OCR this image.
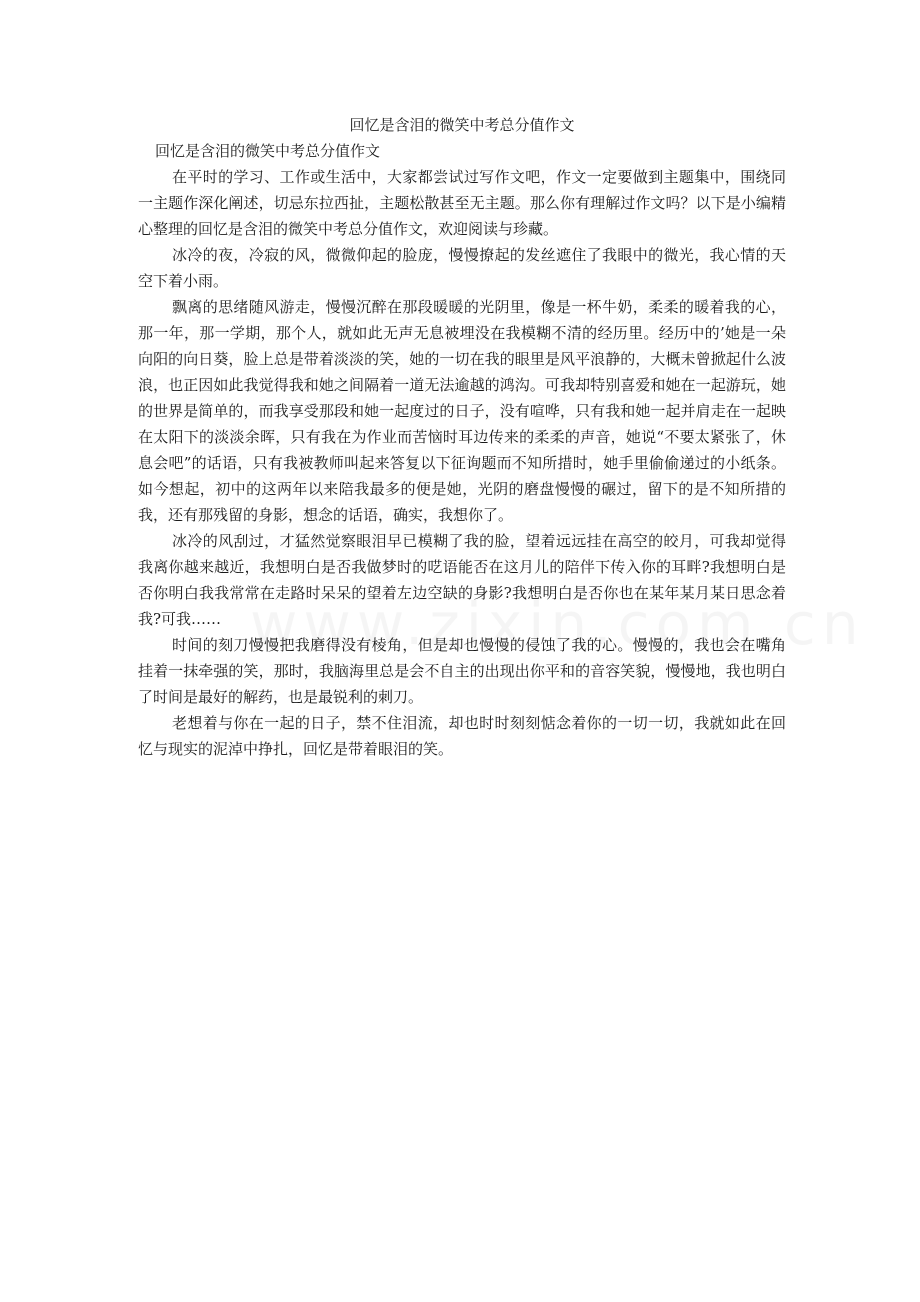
回忆是含泪的微笑中考总分值作文
回忆是含泪的微笑中考总分值作文

在平时的学习、工作或生活中，大家都尝试过写作文吧，作文一定要做到主题集中，围绕同一主题作深化阐述，切忌东拉西扯，主题松散甚至无主题。那么你有理解过作文吗？以下是小编精心整理的回忆是含泪的微笑中考总分值作文，欢迎阅读与珍藏。

冰冷的夜，冷寂的风，微微仰起的脸庞，慢慢撩起的发丝遮住了我眼中的微光，我心情的天空下着小雨。

飘离的思绪随风游走，慢慢沉醉在那段暖暖的光阴里，像是一杯牛奶，柔柔的暖着我的心，那一年，那一学期，那个人，就如此无声无息被埋没在我模糊不清的经历里。经历中的’她是一朵向阳的向日葵，脸上总是带着淡淡的笑，她的一切在我的眼里是风平浪静的，大概未曾掀起什么波浪，也正因如此我觉得我和她之间隔着一道无法逾越的鸿沟。可我却特别喜爱和她在一起游玩，她的世界是简单的，而我享受那段和她一起度过的日子，没有喧哗，只有我和她一起并肩走在一起映在太阳下的淡淡余晖，只有我在为作业而苦恼时耳边传来的柔柔的声音，她说“不要太紧张了，休息会吧”的话语，只有我被教师叫起来答复以下征询题而不知所措时，她手里偷偷递过的小纸条。如今想起，初中的这两年以来陪我最多的便是她，光阴的磨盘慢慢的碾过，留下的是不知所措的我，还有那残留的身影，想念的话语，确实，我想你了。

冰冷的风刮过，才猛然觉察眼泪早已模糊了我的脸，望着远远挂在高空的皎月，可我却觉得我离你越来越近，我想明白是否我做梦时的呓语能否在这月儿的陪伴下传入你的耳畔?我想明白是否你明白我我常常在走路时呆呆的望着左边空缺的身影?我想明白是否你也在某年某月某日思念着我?可我……

时间的刻刀慢慢把我磨得没有棱角，但是却也慢慢的侵蚀了我的心。慢慢的，我也会在嘴角挂着一抹牵强的笑，那时，我脑海里总是会不自主的出现出你平和的音容笑貌，慢慢地，我也明白了时间是最好的解药，也是最锐利的刺刀。

老想着与你在一起的日子，禁不住泪流，却也时时刻刻惦念着你的一切一切，我就如此在回忆与现实的泥淖中挣扎，回忆是带着眼泪的笑。
